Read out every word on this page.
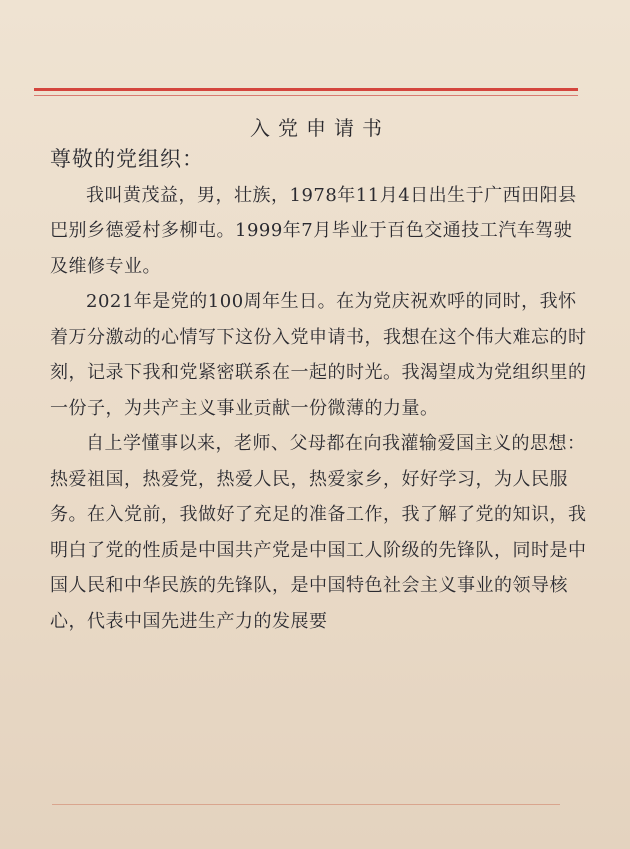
入党申请书
尊敬的党组织：

我叫黄茂益，男，壮族，1978年11月4日出生于广西田阳县巴别乡德爱村多柳屯。1999年7月毕业于百色交通技工汽车驾驶及维修专业。

2021年是党的100周年生日。在为党庆祝欢呼的同时，我怀着万分激动的心情写下这份入党申请书，我想在这个伟大难忘的时刻，记录下我和党紧密联系在一起的时光。我渴望成为党组织里的一份子，为共产主义事业贡献一份微薄的力量。

自上学懂事以来，老师、父母都在向我灌输爱国主义的思想：热爱祖国，热爱党，热爱人民，热爱家乡，好好学习，为人民服务。在入党前，我做好了充足的准备工作，我了解了党的知识，我明白了党的性质是中国共产党是中国工人阶级的先锋队，同时是中国人民和中华民族的先锋队，是中国特色社会主义事业的领导核心，代表中国先进生产力的发展要
